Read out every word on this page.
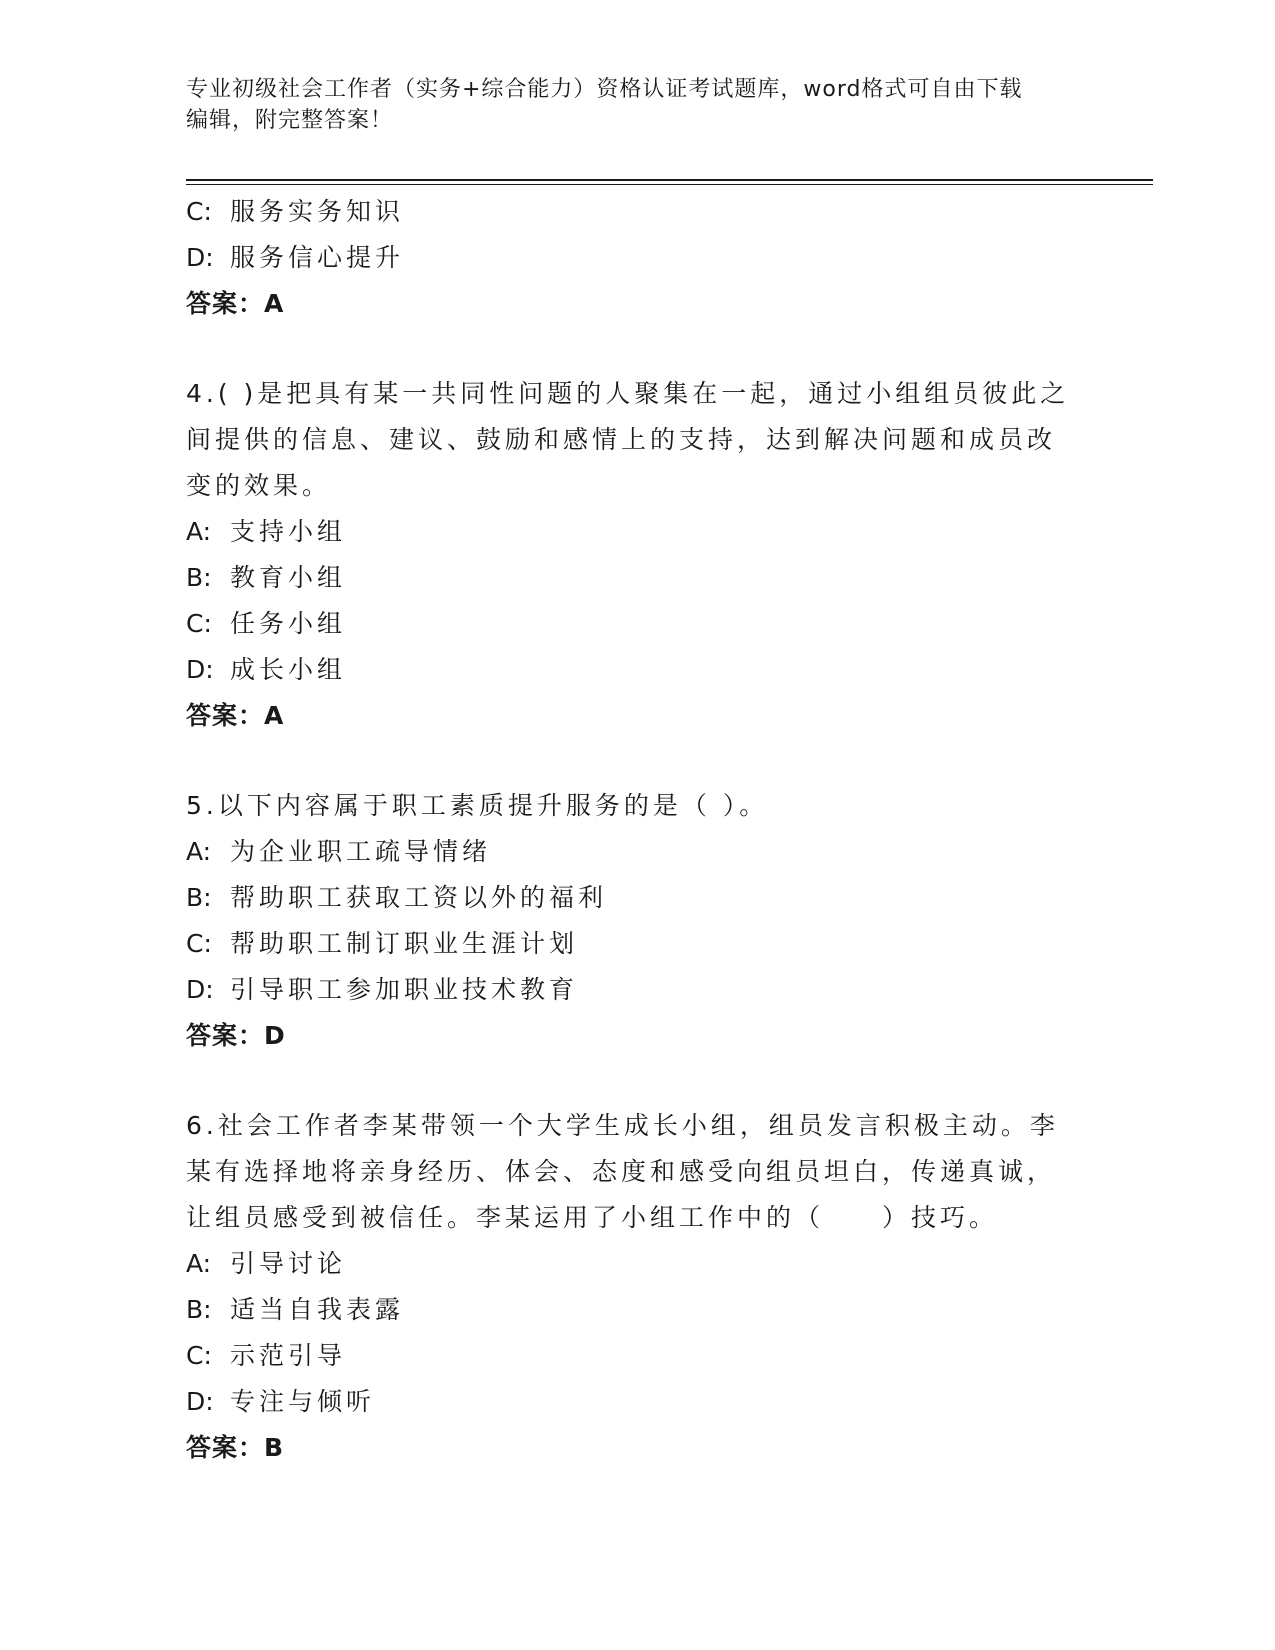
专业初级社会工作者（实务+综合能力）资格认证考试题库，word格式可自由下载
编辑，附完整答案！
C: 服务实务知识
D: 服务信心提升
答案：A
4.( )是把具有某一共同性问题的人聚集在一起，通过小组组员彼此之
间提供的信息、建议、鼓励和感情上的支持，达到解决问题和成员改
变的效果。
A: 支持小组
B: 教育小组
C: 任务小组
D: 成长小组
答案：A
5.以下内容属于职工素质提升服务的是（ ）。
A: 为企业职工疏导情绪
B: 帮助职工获取工资以外的福利
C: 帮助职工制订职业生涯计划
D: 引导职工参加职业技术教育
答案：D
6.社会工作者李某带领一个大学生成长小组，组员发言积极主动。李
某有选择地将亲身经历、体会、态度和感受向组员坦白，传递真诚，
让组员感受到被信任。李某运用了小组工作中的（　　）技巧。
A: 引导讨论
B: 适当自我表露
C: 示范引导
D: 专注与倾听
答案：B
